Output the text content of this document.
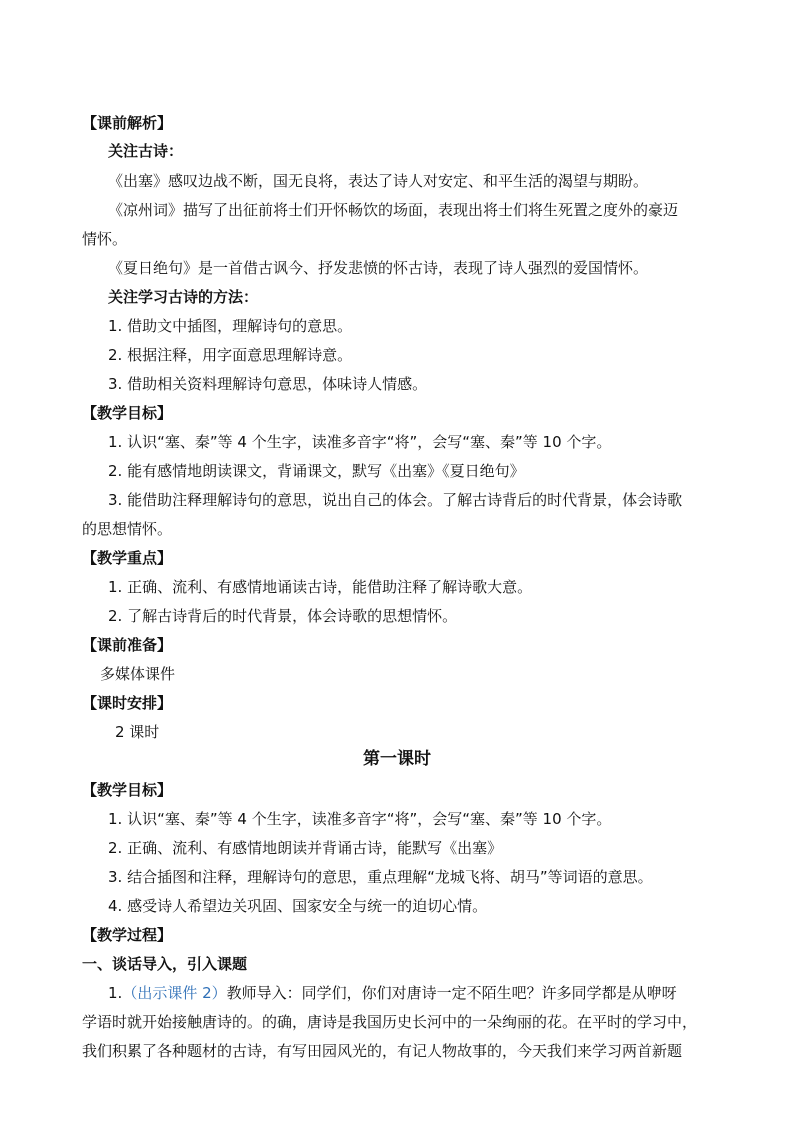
【课前解析】
关注古诗：
《出塞》感叹边战不断，国无良将，表达了诗人对安定、和平生活的渴望与期盼。
《凉州词》描写了出征前将士们开怀畅饮的场面，表现出将士们将生死置之度外的豪迈
情怀。
《夏日绝句》是一首借古讽今、抒发悲愤的怀古诗，表现了诗人强烈的爱国情怀。
关注学习古诗的方法：
1. 借助文中插图，理解诗句的意思。
2. 根据注释，用字面意思理解诗意。
3. 借助相关资料理解诗句意思，体味诗人情感。
【教学目标】
1. 认识“塞、秦”等 4 个生字，读准多音字“将”，会写“塞、秦”等 10 个字。
2. 能有感情地朗读课文，背诵课文，默写《出塞》《夏日绝句》
3. 能借助注释理解诗句的意思，说出自己的体会。了解古诗背后的时代背景，体会诗歌
的思想情怀。
【教学重点】
1. 正确、流利、有感情地诵读古诗，能借助注释了解诗歌大意。
2. 了解古诗背后的时代背景，体会诗歌的思想情怀。
【课前准备】
多媒体课件
【课时安排】
2 课时
第一课时
【教学目标】
1. 认识“塞、秦”等 4 个生字，读准多音字“将”，会写“塞、秦”等 10 个字。
2. 正确、流利、有感情地朗读并背诵古诗，能默写《出塞》
3. 结合插图和注释，理解诗句的意思，重点理解“龙城飞将、胡马”等词语的意思。
4. 感受诗人希望边关巩固、国家安全与统一的迫切心情。
【教学过程】
一、谈话导入，引入课题
1.（出示课件 2）教师导入：同学们，你们对唐诗一定不陌生吧？许多同学都是从咿呀
学语时就开始接触唐诗的。的确，唐诗是我国历史长河中的一朵绚丽的花。在平时的学习中，
我们积累了各种题材的古诗，有写田园风光的，有记人物故事的，今天我们来学习两首新题
